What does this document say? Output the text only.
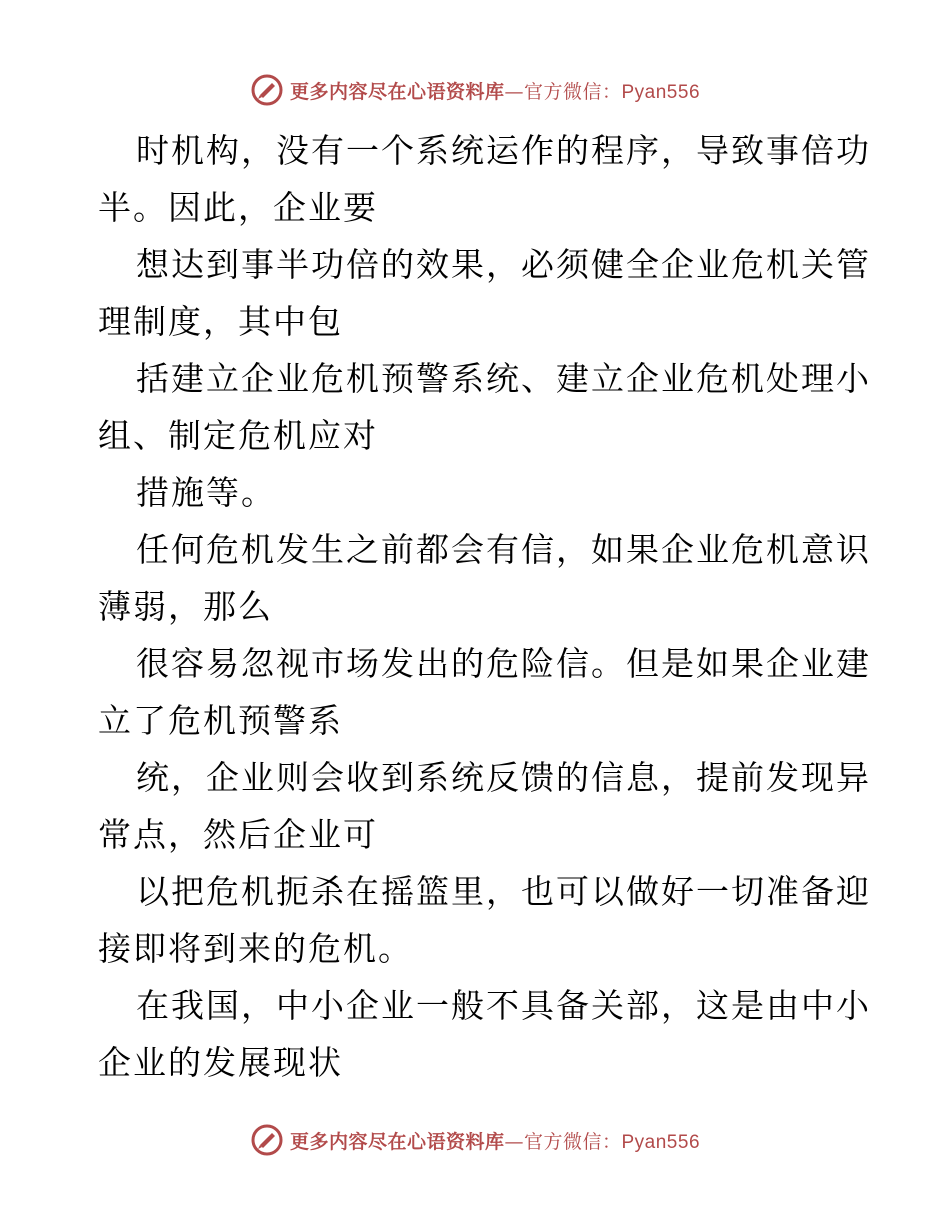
更多内容尽在心语资料库—官方微信：Pyan556
时机构，没有一个系统运作的程序，导致事倍功
半。因此，企业要
想达到事半功倍的效果，必须健全企业危机关管
理制度，其中包
括建立企业危机预警系统、建立企业危机处理小
组、制定危机应对
措施等。
任何危机发生之前都会有信，如果企业危机意识
薄弱，那么
很容易忽视市场发出的危险信。但是如果企业建
立了危机预警系
统，企业则会收到系统反馈的信息，提前发现异
常点，然后企业可
以把危机扼杀在摇篮里，也可以做好一切准备迎
接即将到来的危机。
在我国，中小企业一般不具备关部，这是由中小
企业的发展现状
更多内容尽在心语资料库—官方微信：Pyan556
